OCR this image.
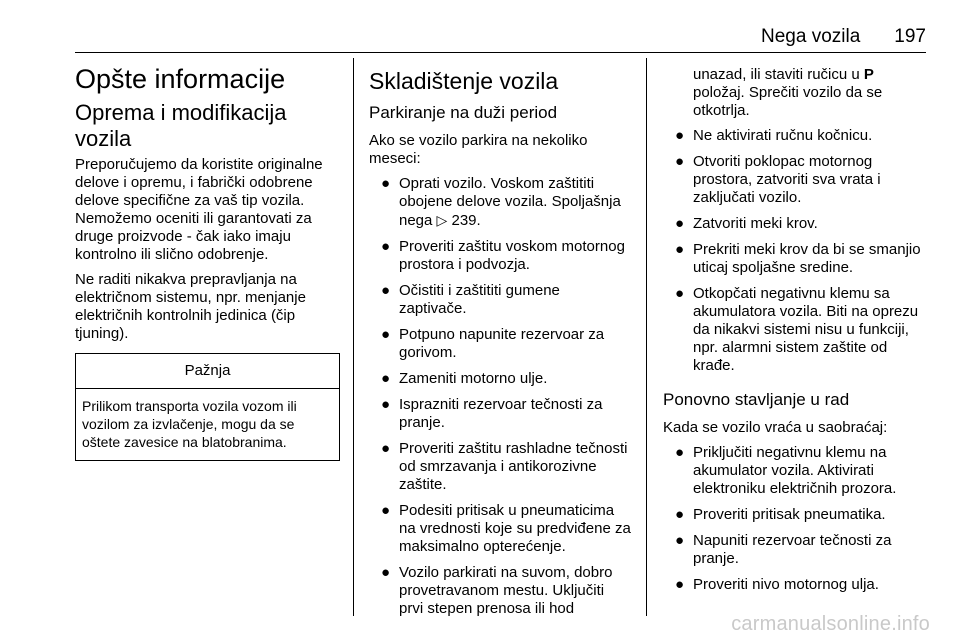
Nega vozila 197
Opšte informacije
Oprema i modifikacija vozila

Preporučujemo da koristite originalne delove i opremu, i fabrički odobrene delove specifične za vaš tip vozila. Nemožemo oceniti ili garantovati za druge proizvode - čak iako imaju kontrolno ili slično odobrenje.

Ne raditi nikakva prepravljanja na električnom sistemu, npr. menjanje električnih kontrolnih jedinica (čip tjuning).

Pažnja
Prilikom transporta vozila vozom ili vozilom za izvlačenje, mogu da se oštete zavesice na blatobranima.
Skladištenje vozila
Parkiranje na duži period

Ako se vozilo parkira na nekoliko meseci:

● Oprati vozilo. Voskom zaštititi obojene delove vozila. Spoljašnja nega ▷ 239.
● Proveriti zaštitu voskom motornog prostora i podvozja.
● Očistiti i zaštititi gumene zaptivače.
● Potpuno napunite rezervoar za gorivom.
● Zameniti motorno ulje.
● Isprazniti rezervoar tečnosti za pranje.
● Proveriti zaštitu rashladne tečnosti od smrzavanja i antikorozivne zaštite.
● Podesiti pritisak u pneumaticima na vrednosti koje su predviđene za maksimalno opterećenje.
● Vozilo parkirati na suvom, dobro provetravanom mestu. Uključiti prvi stepen prenosa ili hod

unazad, ili staviti ručicu u P položaj. Sprečiti vozilo da se otkotrlja.

● Ne aktivirati ručnu kočnicu.
● Otvoriti poklopac motornog prostora, zatvoriti sva vrata i zaključati vozilo.
● Zatvoriti meki krov.
● Prekriti meki krov da bi se smanjio uticaj spoljašne sredine.
● Otkopčati negativnu klemu sa akumulatora vozila. Biti na oprezu da nikakvi sistemi nisu u funkciji, npr. alarmni sistem zaštite od krađe.
Ponovno stavljanje u rad

Kada se vozilo vraća u saobraćaj:

● Priključiti negativnu klemu na akumulator vozila. Aktivirati elektroniku električnih prozora.
● Proveriti pritisak pneumatika.
● Napuniti rezervoar tečnosti za pranje.
● Proveriti nivo motornog ulja.
carmanualsonline.info
